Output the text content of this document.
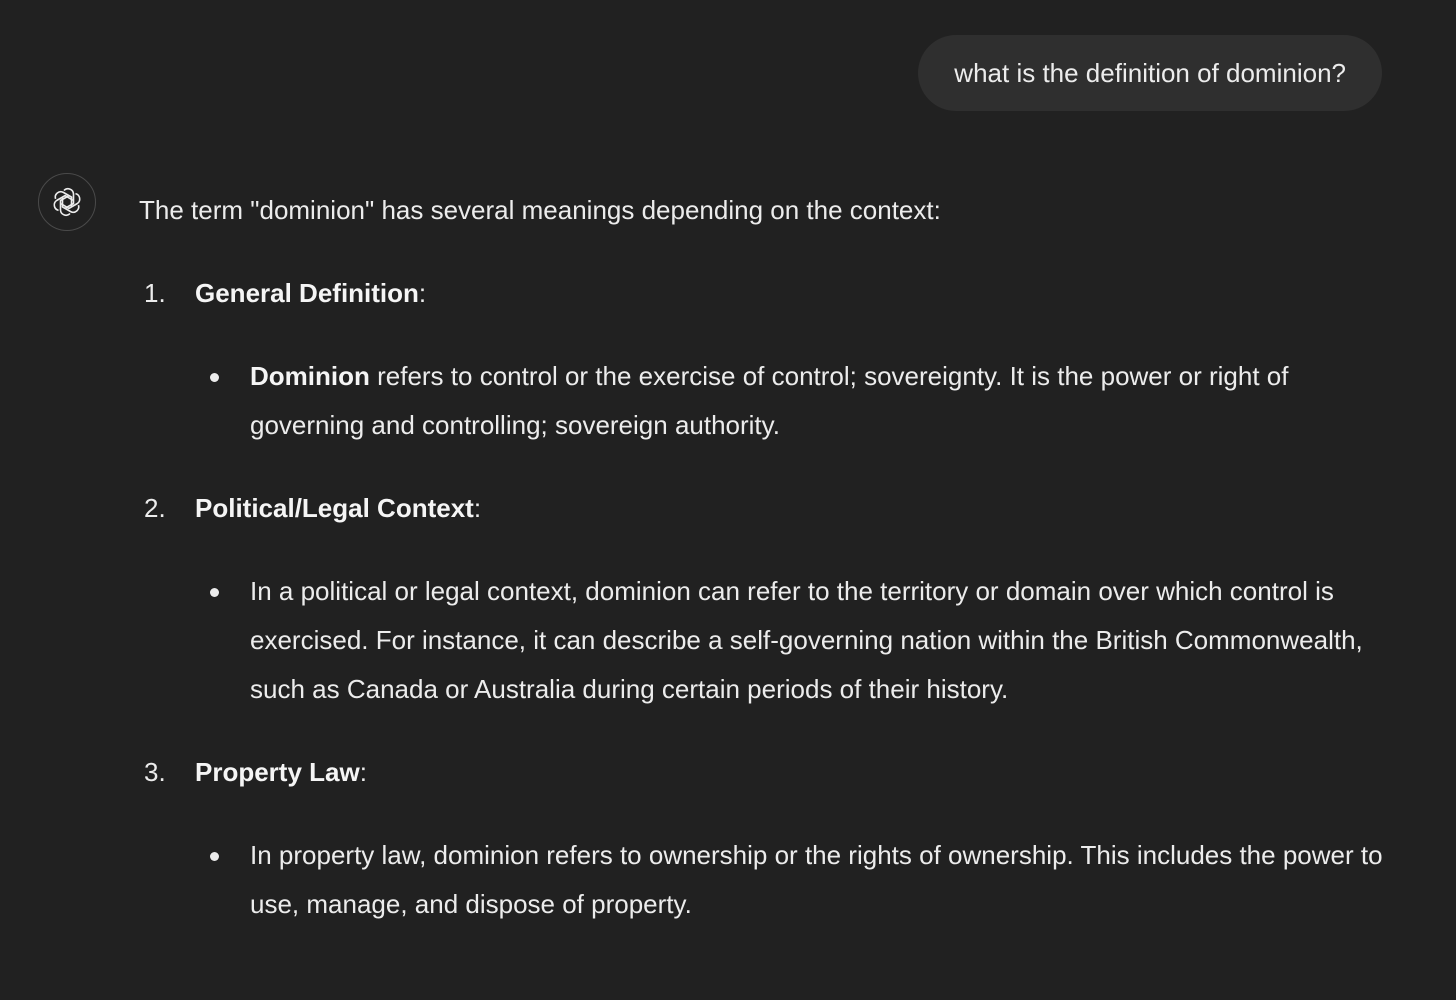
what is the definition of dominion?

The term "dominion" has several meanings depending on the context:

1. General Definition:
Dominion refers to control or the exercise of control; sovereignty. It is the power or right of governing and controlling; sovereign authority.
2. Political/Legal Context:
In a political or legal context, dominion can refer to the territory or domain over which control is exercised. For instance, it can describe a self-governing nation within the British Commonwealth, such as Canada or Australia during certain periods of their history.
3. Property Law:
In property law, dominion refers to ownership or the rights of ownership. This includes the power to use, manage, and dispose of property.
